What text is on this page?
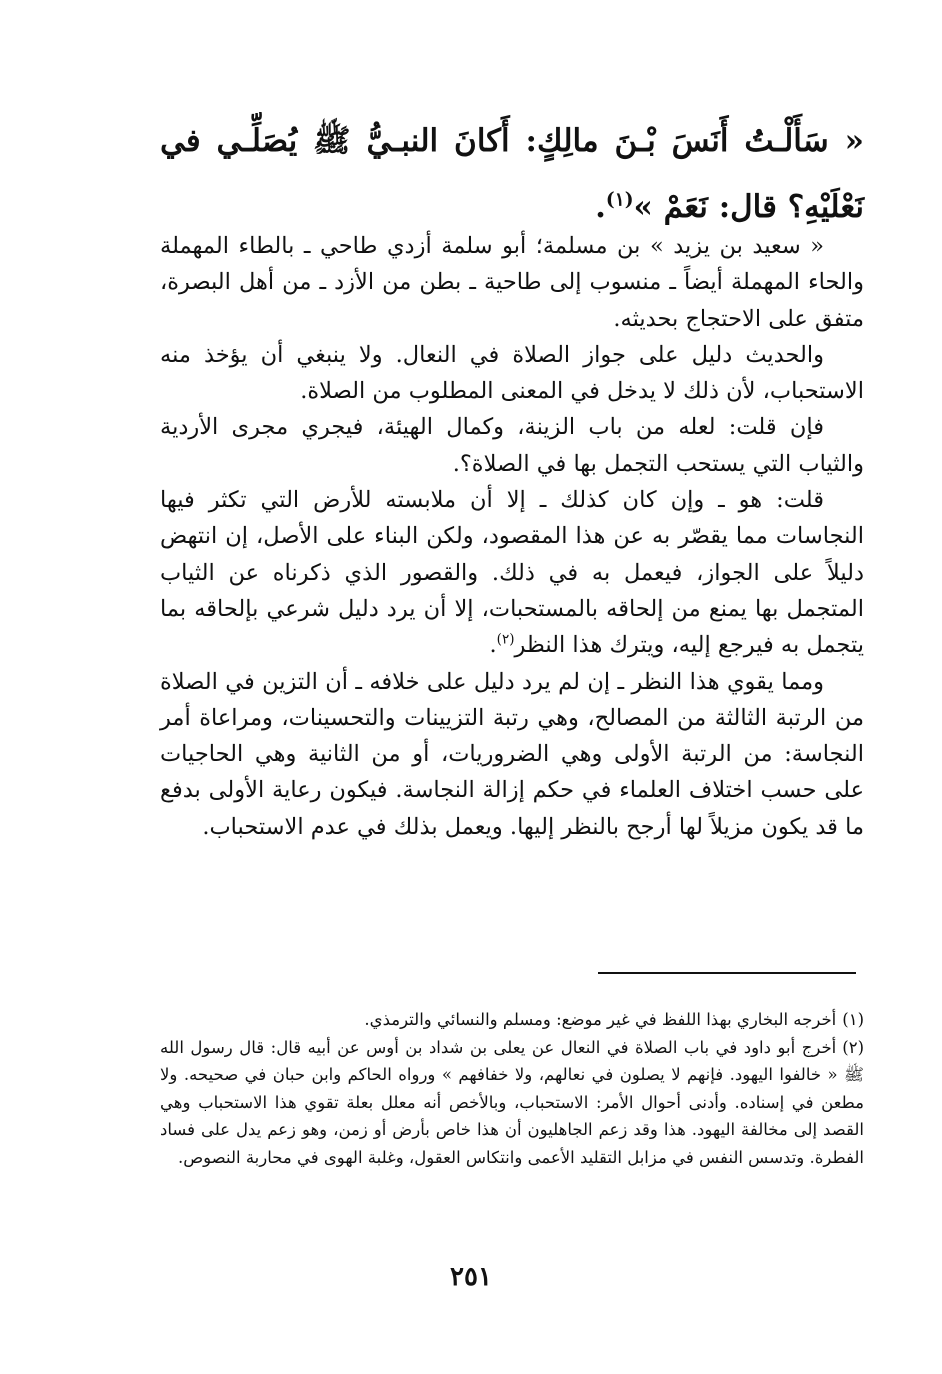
« سَأَلْـتُ أَنَسَ بْـنَ مالِكٍ: أَكانَ النبـيُّ ﷺ يُصَلِّـي في نَعْلَيْهِ؟ قال: نَعَمْ »$^{(١)}$.

« سعيد بن يزيد » بن مسلمة؛ أبو سلمة أزدي طاحي ـ بالطاء المهملة والحاء المهملة أيضاً ـ منسوب إلى طاحية ـ بطن من الأزد ـ من أهل البصرة، متفق على الاحتجاج بحديثه.

والحديث دليل على جواز الصلاة في النعال. ولا ينبغي أن يؤخذ منه الاستحباب، لأن ذلك لا يدخل في المعنى المطلوب من الصلاة.

فإن قلت: لعله من باب الزينة، وكمال الهيئة، فيجري مجرى الأردية والثياب التي يستحب التجمل بها في الصلاة؟.

قلت: هو ـ وإن كان كذلك ـ إلا أن ملابسته للأرض التي تكثر فيها النجاسات مما يقصّر به عن هذا المقصود، ولكن البناء على الأصل، إن انتهض دليلاً على الجواز، فيعمل به في ذلك. والقصور الذي ذكرناه عن الثياب المتجمل بها يمنع من إلحاقه بالمستحبات، إلا أن يرد دليل شرعي بإلحاقه بما يتجمل به فيرجع إليه، ويترك هذا النظر$^{(٢)}$.

ومما يقوي هذا النظر ـ إن لم يرد دليل على خلافه ـ أن التزين في الصلاة من الرتبة الثالثة من المصالح، وهي رتبة التزيينات والتحسينات، ومراعاة أمر النجاسة: من الرتبة الأولى وهي الضروريات، أو من الثانية وهي الحاجيات على حسب اختلاف العلماء في حكم إزالة النجاسة. فيكون رعاية الأولى بدفع ما قد يكون مزيلاً لها أرجح بالنظر إليها. ويعمل بذلك في عدم الاستحباب.

(١)أخرجه البخاري بهذا اللفظ في غير موضع: ومسلم والنسائي والترمذي.

(٢)أخرج أبو داود في باب الصلاة في النعال عن يعلى بن شداد بن أوس عن أبيه قال: قال رسول الله ﷺ « خالفوا اليهود. فإنهم لا يصلون في نعالهم، ولا خفافهم » ورواه الحاكم وابن حبان في صحيحه. ولا مطعن في إسناده. وأدنى أحوال الأمر: الاستحباب، وبالأخص أنه معلل بعلة تقوي هذا الاستحباب وهي القصد إلى مخالفة اليهود. هذا وقد زعم الجاهليون أن هذا خاص بأرض أو زمن، وهو زعم يدل على فساد الفطرة. وتدسس النفس في مزابل التقليد الأعمى وانتكاس العقول، وغلبة الهوى في محاربة النصوص.

٢٥١
